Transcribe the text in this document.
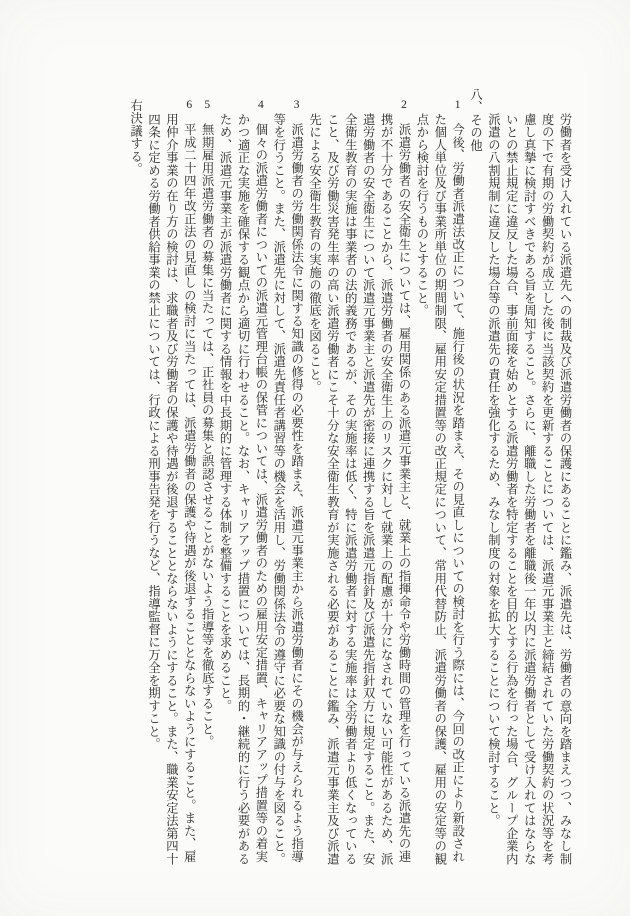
労働者を受け入れている派遣先への制裁及び派遣労働者の保護にあることに鑑み、派遣先は、労働者の意向を踏まえつつ、みなし制
度の下で有期の労働契約が成立した後に当該契約を更新することについては、派遣元事業主と締結されていた労働契約の状況等を考
慮し真摯に検討すべきである旨を周知すること。さらに、離職した労働者を離職後一年以内に派遣労働者として受け入れてはならな
いとの禁止規定に違反した場合、事前面接を始めとする派遣労働者を特定することを目的とする行為を行った場合、グループ企業内
派遣の八割規制に違反した場合等の派遣先の責任を強化するため、みなし制度の対象を拡大することについて検討すること。
八、その他
1　今後、労働者派遣法改正について、施行後の状況を踏まえ、その見直しについての検討を行う際には、今回の改正により新設され
た個人単位及び事業所単位の期間制限、雇用安定措置等の改正規定について、常用代替防止、派遣労働者の保護、雇用の安定等の観
点から検討を行うものとすること。
2　派遣労働者の安全衛生については、雇用関係のある派遣元事業主と、就業上の指揮命令や労働時間の管理を行っている派遣先の連
携が不十分であることから、派遣労働者の安全衛生上のリスクに対して就業上の配慮が十分になされていない可能性があるため、派
遣労働者の安全衛生について派遣元事業主と派遣先が密接に連携する旨を派遣元指針及び派遣先指針双方に規定すること。また、安
全衛生教育の実施は事業者の法的義務であるが、その実施率は低く、特に派遣労働者に対する実施率は全労働者より低くなっている
こと、及び労働災害発生率の高い派遣労働者にこそ十分な安全衛生教育が実施される必要があることに鑑み、派遣元事業主及び派遣
先による安全衛生教育の実施の徹底を図ること。
3　派遣労働者の労働関係法令に関する知識の修得の必要性を踏まえ、派遣元事業主から派遣労働者にその機会が与えられるよう指導
等を行うこと。また、派遣先に対して、派遣先責任者講習等の機会を活用し、労働関係法令の遵守に必要な知識の付与を図ること。
4　個々の派遣労働者についての派遣元管理台帳の保管については、派遣労働者のための雇用安定措置、キャリアアップ措置等の着実
かつ適正な実施を確保する観点から適切に行わせること。なお、キャリアアップ措置については、長期的・継続的に行う必要がある
ため、派遣元事業主が派遣労働者に関する情報を中長期的に管理する体制を整備することを求めること。
5　無期雇用派遣労働者の募集に当たっては、正社員の募集と誤認させることがないよう指導等を徹底すること。
6　平成二十四年改正法の見直しの検討に当たっては、派遣労働者の保護や待遇が後退することとならないようにすること。また、雇
用仲介事業の在り方の検討は、求職者及び労働者の保護や待遇が後退することとならないようにすること。また、職業安定法第四十
四条に定める労働者供給事業の禁止については、行政による刑事告発を行うなど、指導監督に万全を期すこと。
右決議する。
